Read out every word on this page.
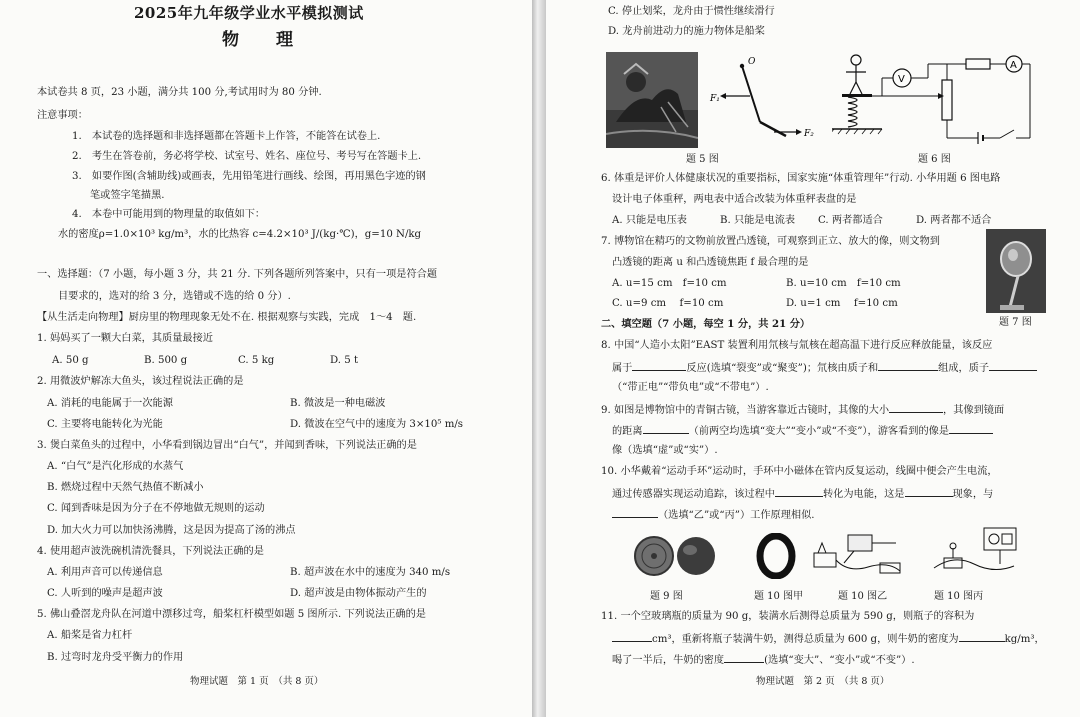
2025年九年级学业水平模拟测试
物　理
本试卷共 8 页，23 小题，满分共 100 分,考试用时为 80 分钟.
注意事项：
1.　本试卷的选择题和非选择题都在答题卡上作答，不能答在试卷上.
2.　考生在答卷前，务必将学校、试室号、姓名、座位号、考号写在答题卡上.
3.　如要作图(含辅助线)或画表，先用铅笔进行画线、绘图，再用黑色字迹的钢
笔或签字笔描黑.
4.　本卷中可能用到的物理量的取值如下：
水的密度ρ=1.0×10³ kg/m³，水的比热容 c=4.2×10³ J/(kg·℃)，g=10 N/kg
一、选择题：（7 小题，每小题 3 分，共 21 分. 下列各题所列答案中，只有一项是符合题
目要求的，选对的给 3 分，选错或不选的给 0 分）.
【从生活走向物理】厨房里的物理现象无处不在. 根据观察与实践，完成　1～4　题.
1. 妈妈买了一颗大白菜，其质量最接近
A. 50 g	B. 500 g	C. 5 kg	D. 5 t
2. 用微波炉解冻大鱼头，该过程说法正确的是
A. 消耗的电能属于一次能源	B. 微波是一种电磁波
C. 主要将电能转化为光能	D. 微波在空气中的速度为 3×10⁵ m/s
3. 煲白菜鱼头的过程中，小华看到锅边冒出“白气”，并闻到香味，下列说法正确的是
A. “白气”是汽化形成的水蒸气
B. 燃烧过程中天然气热值不断减小
C. 闻到香味是因为分子在不停地做无规则的运动
D. 加大火力可以加快汤沸腾，这是因为提高了汤的沸点
4. 使用超声波洗碗机清洗餐具，下列说法正确的是
A. 利用声音可以传递信息	B. 超声波在水中的速度为 340 m/s
C. 人听到的噪声是超声波	D. 超声波是由物体振动产生的
5. 佛山叠滘龙舟队在河道中漂移过弯，船桨杠杆模型如题 5 图所示. 下列说法正确的是
A. 船桨是省力杠杆
B. 过弯时龙舟受平衡力的作用
物理试题　第 1 页　（共 8 页）
C. 停止划桨，龙舟由于惯性继续滑行
D. 龙舟前进动力的施力物体是船桨
O
F₁
F₂
题 5 图
V
A
题 6 图
6. 体重是评价人体健康状况的重要指标，国家实施“体重管理年”行动. 小华用题 6 图电路
设计电子体重秤，两电表中适合改装为体重秤表盘的是
A. 只能是电压表	B. 只能是电流表 C. 两者都适合	D. 两者都不适合
7. 博物馆在精巧的文物前放置凸透镜，可观察到正立、放大的像，则文物到
凸透镜的距离 u 和凸透镜焦距 f 最合理的是
A. u=15 cm　f=10 cm	B. u=10 cm　f=10 cm
C. u=9 cm　 f=10 cm	D. u=1 cm　 f=10 cm
题 7 图
二、填空题（7 小题，每空 1 分，共 21 分）
8. 中国“人造小太阳”EAST 装置利用氘核与氚核在超高温下进行反应释放能量，该反应
属于	反应(选填“裂变”或“聚变”)；氘核由质子和	组成，质子
（“带正电”“带负电”或“不带电”）.
9. 如图是博物馆中的青铜古镜，当游客靠近古镜时，其像的大小	，其像到镜面
的距离	（前两空均选填“变大”“变小”或“不变”），游客看到的像是
像（选填“虚”或“实”）.
10. 小华戴着“运动手环”运动时，手环中小磁体在管内反复运动，线圈中便会产生电流，
通过传感器实现运动追踪，该过程中	转化为电能，这是	现象，与
（选填“乙”或“丙”）工作原理相似.
题 9 图	题 10 图甲	题 10 图乙	题 10 图丙
11. 一个空玻璃瓶的质量为 90 g，装满水后测得总质量为 590 g，则瓶子的容积为
cm³，重新将瓶子装满牛奶，测得总质量为 600 g，则牛奶的密度为	kg/m³，
喝了一半后，牛奶的密度	(选填“变大”、“变小”或“不变”）.
物理试题　第 2 页　（共 8 页）
